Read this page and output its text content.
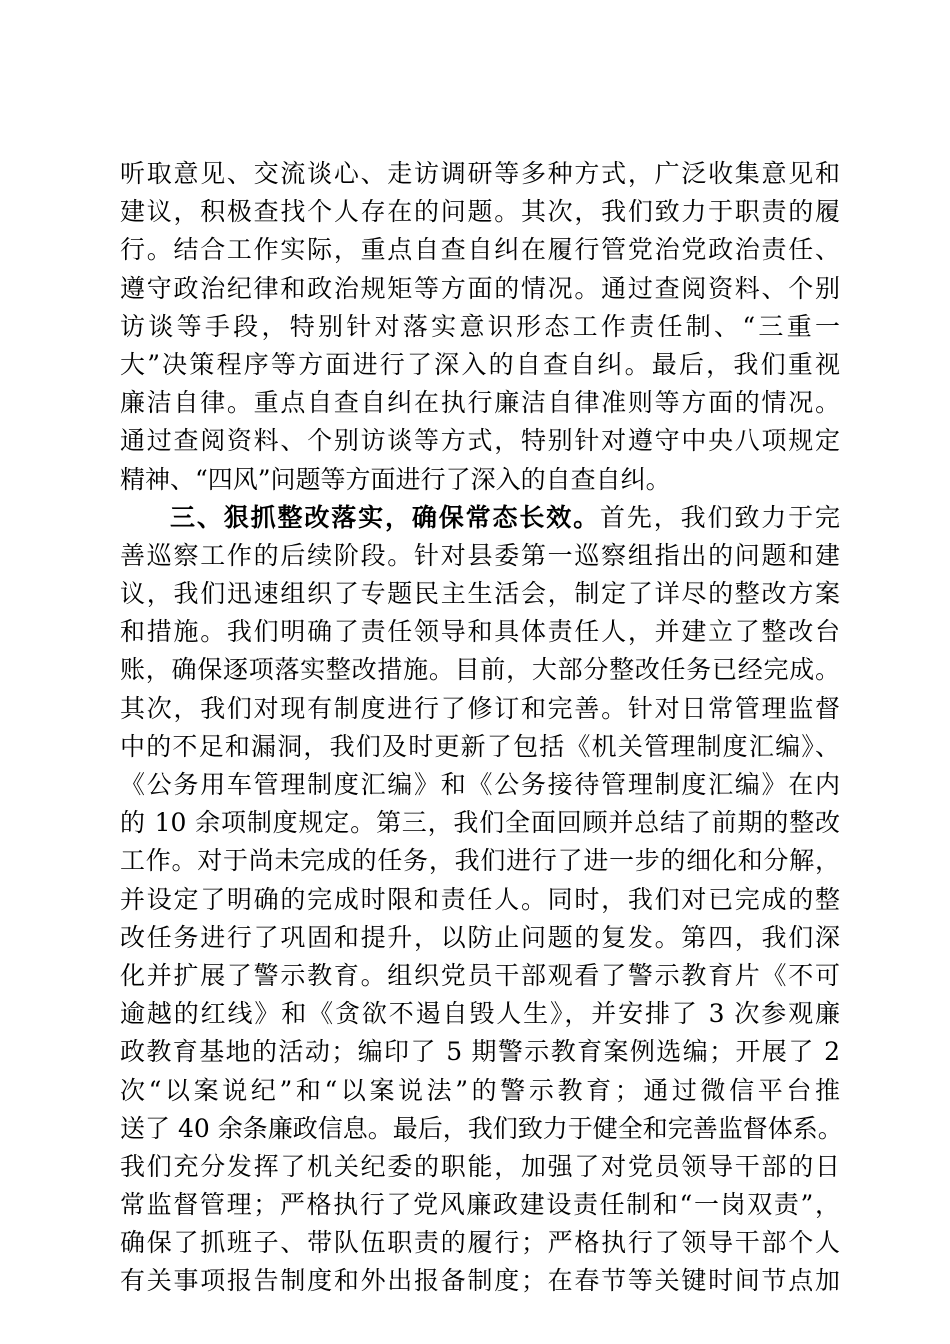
听取意见、交流谈心、走访调研等多种方式，广泛收集意见和
建议，积极查找个人存在的问题。其次，我们致力于职责的履
行。结合工作实际，重点自查自纠在履行管党治党政治责任、
遵守政治纪律和政治规矩等方面的情况。通过查阅资料、个别
访谈等手段，特别针对落实意识形态工作责任制、“三重一
大”决策程序等方面进行了深入的自查自纠。最后，我们重视
廉洁自律。重点自查自纠在执行廉洁自律准则等方面的情况。
通过查阅资料、个别访谈等方式，特别针对遵守中央八项规定
精神、“四风”问题等方面进行了深入的自查自纠。
三、狠抓整改落实，确保常态长效。首先，我们致力于完
善巡察工作的后续阶段。针对县委第一巡察组指出的问题和建
议，我们迅速组织了专题民主生活会，制定了详尽的整改方案
和措施。我们明确了责任领导和具体责任人，并建立了整改台
账，确保逐项落实整改措施。目前，大部分整改任务已经完成。
其次，我们对现有制度进行了修订和完善。针对日常管理监督
中的不足和漏洞，我们及时更新了包括《机关管理制度汇编》、
《公务用车管理制度汇编》和《公务接待管理制度汇编》在内
的 10 余项制度规定。第三，我们全面回顾并总结了前期的整改
工作。对于尚未完成的任务，我们进行了进一步的细化和分解，
并设定了明确的完成时限和责任人。同时，我们对已完成的整
改任务进行了巩固和提升，以防止问题的复发。第四，我们深
化并扩展了警示教育。组织党员干部观看了警示教育片《不可
逾越的红线》和《贪欲不遏自毁人生》，并安排了 3 次参观廉
政教育基地的活动；编印了 5 期警示教育案例选编；开展了 2
次“以案说纪”和“以案说法”的警示教育；通过微信平台推
送了 40 余条廉政信息。最后，我们致力于健全和完善监督体系。
我们充分发挥了机关纪委的职能，加强了对党员领导干部的日
常监督管理；严格执行了党风廉政建设责任制和“一岗双责”，
确保了抓班子、带队伍职责的履行；严格执行了领导干部个人
有关事项报告制度和外出报备制度；在春节等关键时间节点加
